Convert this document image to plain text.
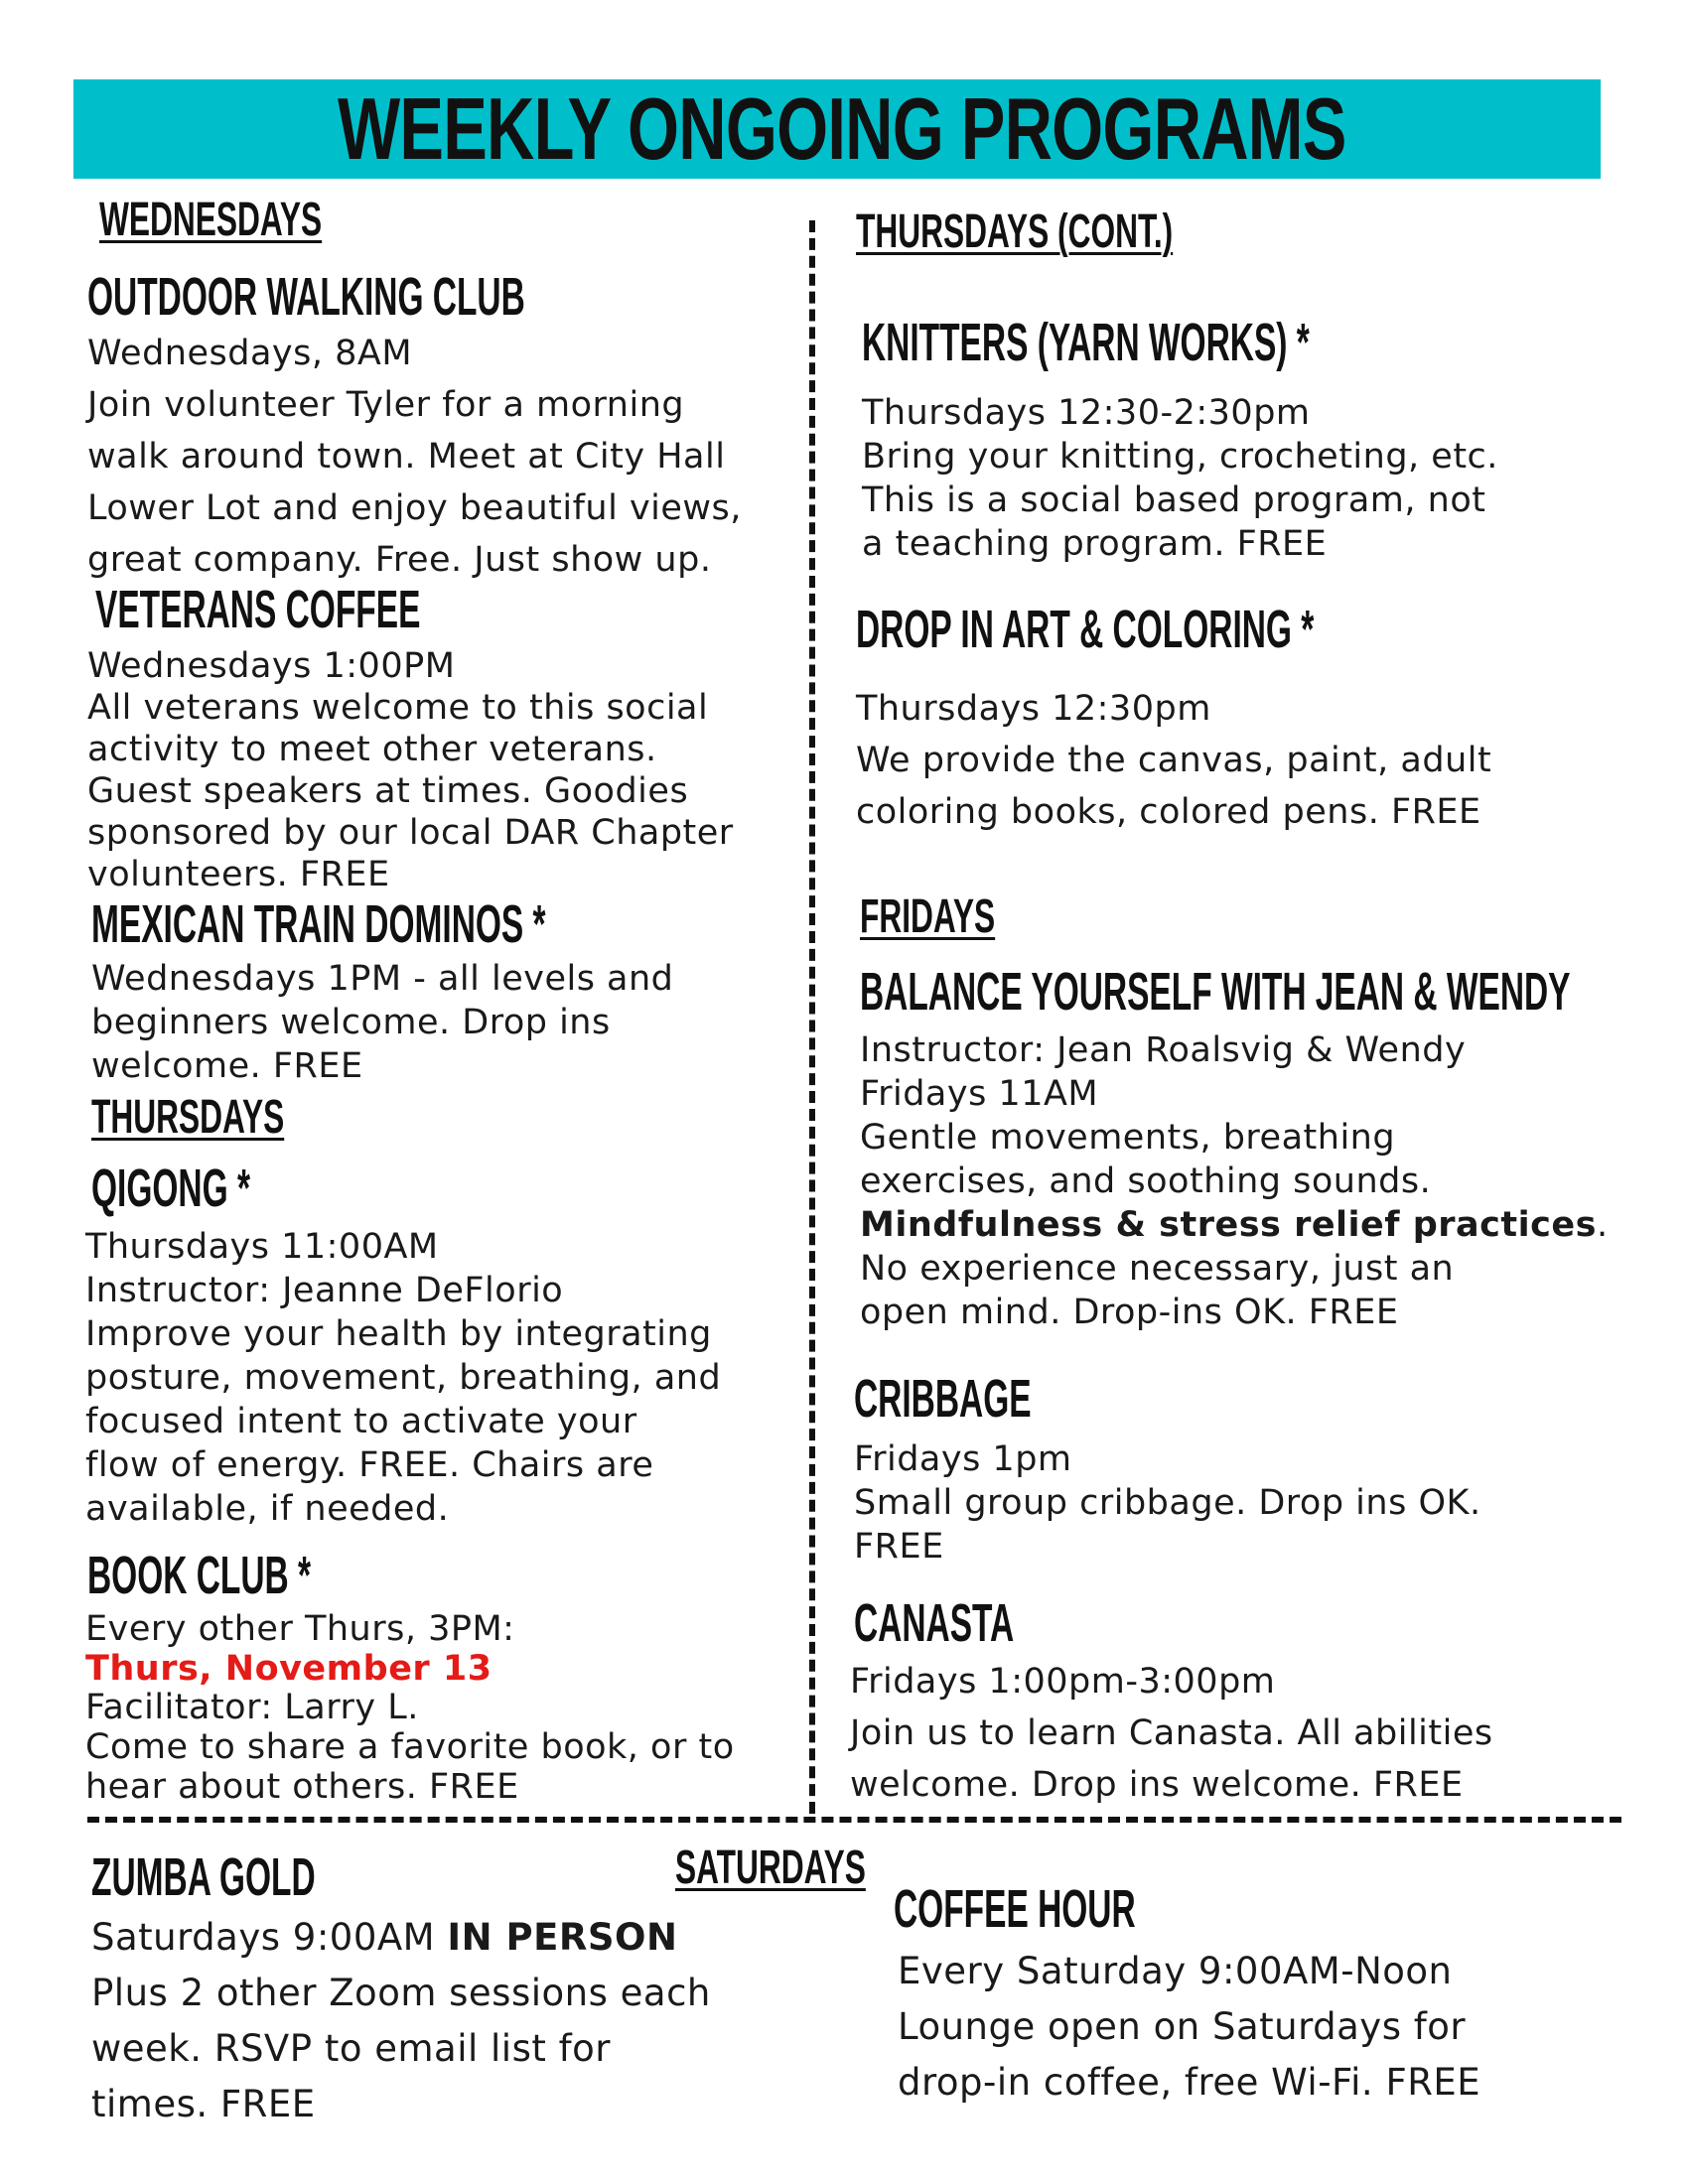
WEEKLY ONGOING PROGRAMS
WEDNESDAYS
OUTDOOR WALKING CLUB
Wednesdays, 8AM
Join volunteer Tyler for a morning
walk around town. Meet at City Hall
Lower Lot and enjoy beautiful views,
great company. Free. Just show up.
VETERANS COFFEE
Wednesdays 1:00PM
All veterans welcome to this social
activity to meet other veterans.
Guest speakers at times. Goodies
sponsored by our local DAR Chapter
volunteers. FREE
MEXICAN TRAIN DOMINOS *
Wednesdays 1PM - all levels and
beginners welcome. Drop ins
welcome. FREE
THURSDAYS
QIGONG *
Thursdays 11:00AM
Instructor: Jeanne DeFlorio
Improve your health by integrating
posture, movement, breathing, and
focused intent to activate your
flow of energy. FREE. Chairs are
available, if needed.
BOOK CLUB *
Every other Thurs, 3PM:
Thurs, November 13
Facilitator: Larry L.
Come to share a favorite book, or to
hear about others. FREE
THURSDAYS (CONT.)
KNITTERS (YARN WORKS) *
Thursdays 12:30-2:30pm
Bring your knitting, crocheting, etc.
This is a social based program, not
a teaching program. FREE
DROP IN ART & COLORING *
Thursdays 12:30pm
We provide the canvas, paint, adult
coloring books, colored pens. FREE
FRIDAYS
BALANCE YOURSELF WITH JEAN & WENDY
Instructor: Jean Roalsvig & Wendy
Fridays 11AM
Gentle movements, breathing
exercises, and soothing sounds.
Mindfulness & stress relief practices.
No experience necessary, just an
open mind. Drop-ins OK. FREE
CRIBBAGE
Fridays 1pm
Small group cribbage. Drop ins OK.
FREE
CANASTA
Fridays 1:00pm-3:00pm
Join us to learn Canasta. All abilities
welcome. Drop ins welcome. FREE
SATURDAYS
ZUMBA GOLD
Saturdays 9:00AM IN PERSON
Plus 2 other Zoom sessions each
week. RSVP to email list for
times. FREE
COFFEE HOUR
Every Saturday 9:00AM-Noon
Lounge open on Saturdays for
drop-in coffee, free Wi-Fi. FREE
